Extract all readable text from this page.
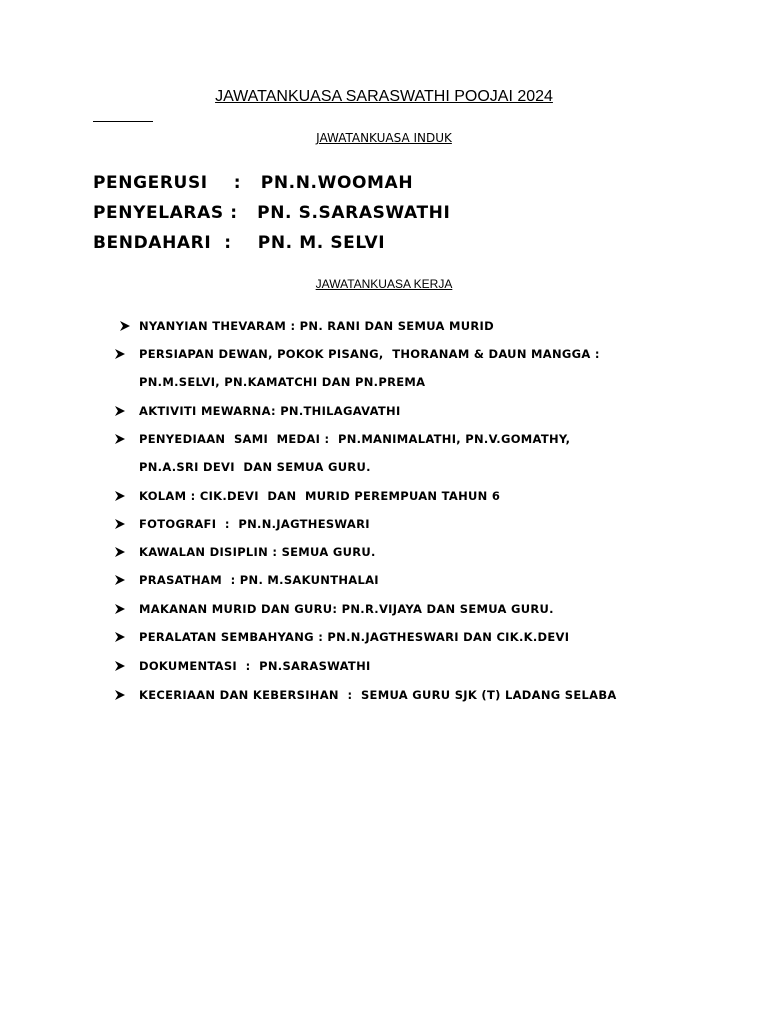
JAWATANKUASA SARASWATHI POOJAI 2024
JAWATANKUASA INDUK
PENGERUSI    :   PN.N.WOOMAH
PENYELARAS :   PN. S.SARASWATHI
BENDAHARI  :    PN. M. SELVI
JAWATANKUASA KERJA
NYANYIAN THEVARAM : PN. RANI DAN SEMUA MURID
PERSIAPAN DEWAN, POKOK PISANG,  THORANAM & DAUN MANGGA :
PN.M.SELVI, PN.KAMATCHI DAN PN.PREMA
AKTIVITI MEWARNA: PN.THILAGAVATHI
PENYEDIAAN  SAMI  MEDAI :  PN.MANIMALATHI, PN.V.GOMATHY,
PN.A.SRI DEVI  DAN SEMUA GURU.
KOLAM : CIK.DEVI  DAN  MURID PEREMPUAN TAHUN 6
FOTOGRAFI  :  PN.N.JAGTHESWARI
KAWALAN DISIPLIN : SEMUA GURU.
PRASATHAM  : PN. M.SAKUNTHALAI
MAKANAN MURID DAN GURU: PN.R.VIJAYA DAN SEMUA GURU.
PERALATAN SEMBAHYANG : PN.N.JAGTHESWARI DAN CIK.K.DEVI
DOKUMENTASI  :  PN.SARASWATHI
KECERIAAN DAN KEBERSIHAN  :  SEMUA GURU SJK (T) LADANG SELABA
